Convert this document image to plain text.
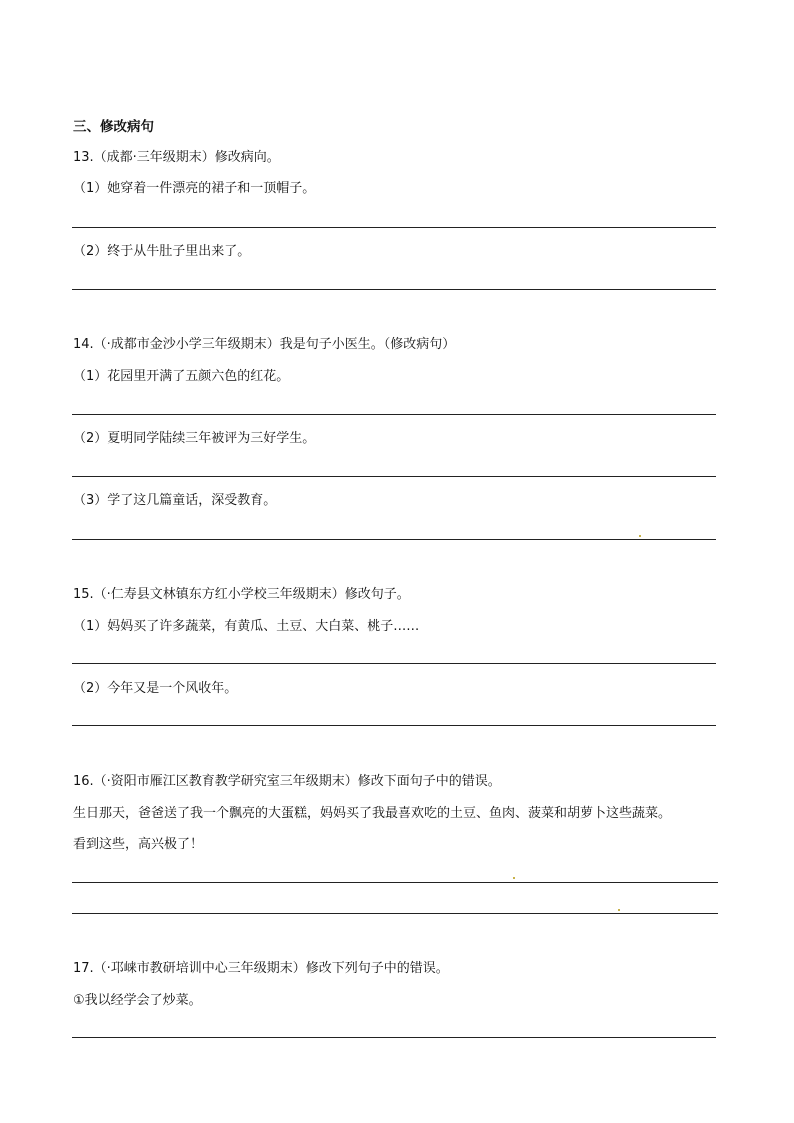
三、修改病句
13.（成都·三年级期末）修改病向。
（1）她穿着一件漂亮的裙子和一顶帽子。
（2）终于从牛肚子里出来了。
14.（·成都市金沙小学三年级期末）我是句子小医生。（修改病句）
（1）花园里开满了五颜六色的红花。
（2）夏明同学陆续三年被评为三好学生。
（3）学了这几篇童话，深受教育。
15.（·仁寿县文林镇东方红小学校三年级期末）修改句子。
（1）妈妈买了许多蔬菜，有黄瓜、土豆、大白菜、桃子……
（2）今年又是一个风收年。
16.（·资阳市雁江区教育教学研究室三年级期末）修改下面句子中的错误。
生日那天，爸爸送了我一个飘亮的大蛋糕，妈妈买了我最喜欢吃的土豆、鱼肉、菠菜和胡萝卜这些蔬菜。
看到这些，高兴极了！
17.（·邛崃市教研培训中心三年级期末）修改下列句子中的错误。
①我以经学会了炒菜。
